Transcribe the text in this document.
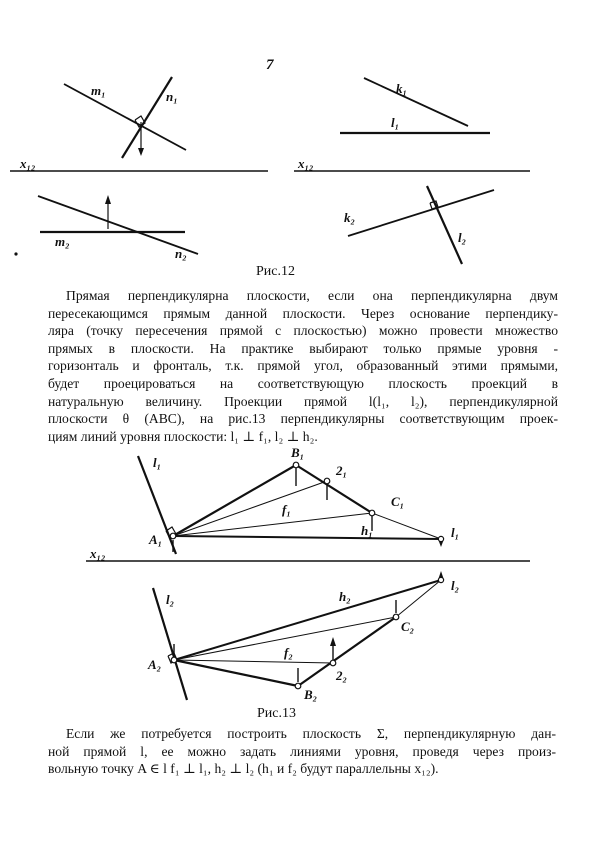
7
m₁	n₁
k₁
l₁
x₁₂	x₁₂
m₂
n₂
k₂
l₂
Рис.12
Прямая перпендикулярна плоскости, если она перпендикулярна двум
пересекающимся прямым данной плоскости. Через основание перпендику-
ляра (точку пересечения прямой с плоскостью) можно провести множество
прямых в плоскости. На практике выбирают только прямые уровня -
горизонталь и фронталь, т.к. прямой угол, образованный этими прямыми,
будет проецироваться на соответствующую плоскость проекций в
натуральную величину. Проекции прямой l(l₁, l₂), перпендикулярной
плоскости θ (ABC), на рис.13 перпендикулярны соответствующим проек-
циям линий уровня плоскости: l₁ ⊥ f₁, l₂ ⊥ h₂.
l₁
B₁
2₁
C₁
f₁
h₁
A₁	l₁
x₁₂
l₂
l₂	h₂
C₂
f₂
A₂
2₂
B₂
Рис.13
Если же потребуется построить плоскость Σ, перпендикулярную дан-
ной прямой l, ее можно задать линиями уровня, проведя через произ-
вольную точку A ∈ l f₁ ⊥ l₁, h₂ ⊥ l₂ (h₁ и f₂ будут параллельны x₁₂).
